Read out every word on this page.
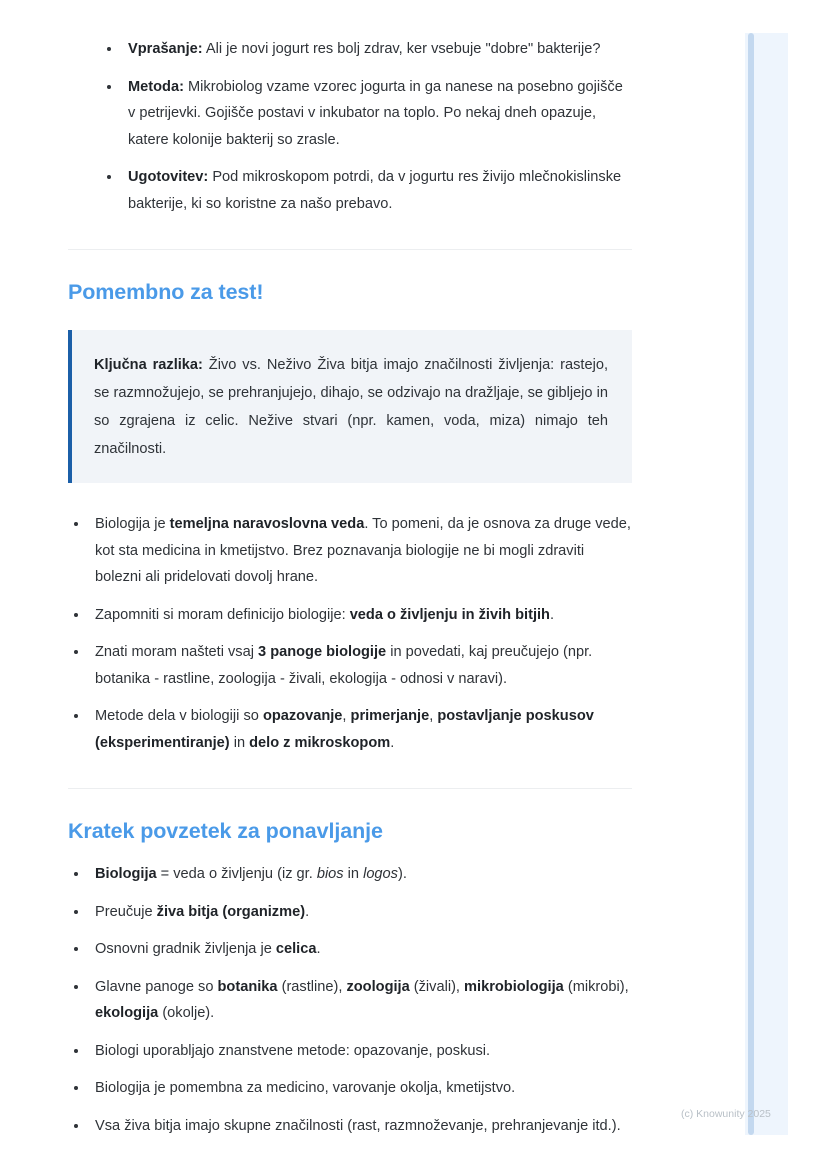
Vprašanje: Ali je novi jogurt res bolj zdrav, ker vsebuje "dobre" bakterije?
Metoda: Mikrobiolog vzame vzorec jogurta in ga nanese na posebno gojišče v petrijevki. Gojišče postavi v inkubator na toplo. Po nekaj dneh opazuje, katere kolonije bakterij so zrasle.
Ugotovitev: Pod mikroskopom potrdi, da v jogurtu res živijo mlečnokislinske bakterije, ki so koristne za našo prebavo.
Pomembno za test!

Ključna razlika: Živo vs. Neživo Živa bitja imajo značilnosti življenja: rastejo, se razmnožujejo, se prehranjujejo, dihajo, se odzivajo na dražljaje, se gibljejo in so zgrajena iz celic. Nežive stvari (npr. kamen, voda, miza) nimajo teh značilnosti.

Biologija je temeljna naravoslovna veda. To pomeni, da je osnova za druge vede, kot sta medicina in kmetijstvo. Brez poznavanja biologije ne bi mogli zdraviti bolezni ali pridelovati dovolj hrane.
Zapomniti si moram definicijo biologije: veda o življenju in živih bitjih.
Znati moram našteti vsaj 3 panoge biologije in povedati, kaj preučujejo (npr. botanika - rastline, zoologija - živali, ekologija - odnosi v naravi).
Metode dela v biologiji so opazovanje, primerjanje, postavljanje poskusov (eksperimentiranje) in delo z mikroskopom.
Kratek povzetek za ponavljanje
Biologija = veda o življenju (iz gr. bios in logos).
Preučuje živa bitja (organizme).
Osnovni gradnik življenja je celica.
Glavne panoge so botanika (rastline), zoologija (živali), mikrobiologija (mikrobi), ekologija (okolje).
Biologi uporabljajo znanstvene metode: opazovanje, poskusi.
Biologija je pomembna za medicino, varovanje okolja, kmetijstvo.
Vsa živa bitja imajo skupne značilnosti (rast, razmnoževanje, prehranjevanje itd.).
(c) Knowunity 2025
